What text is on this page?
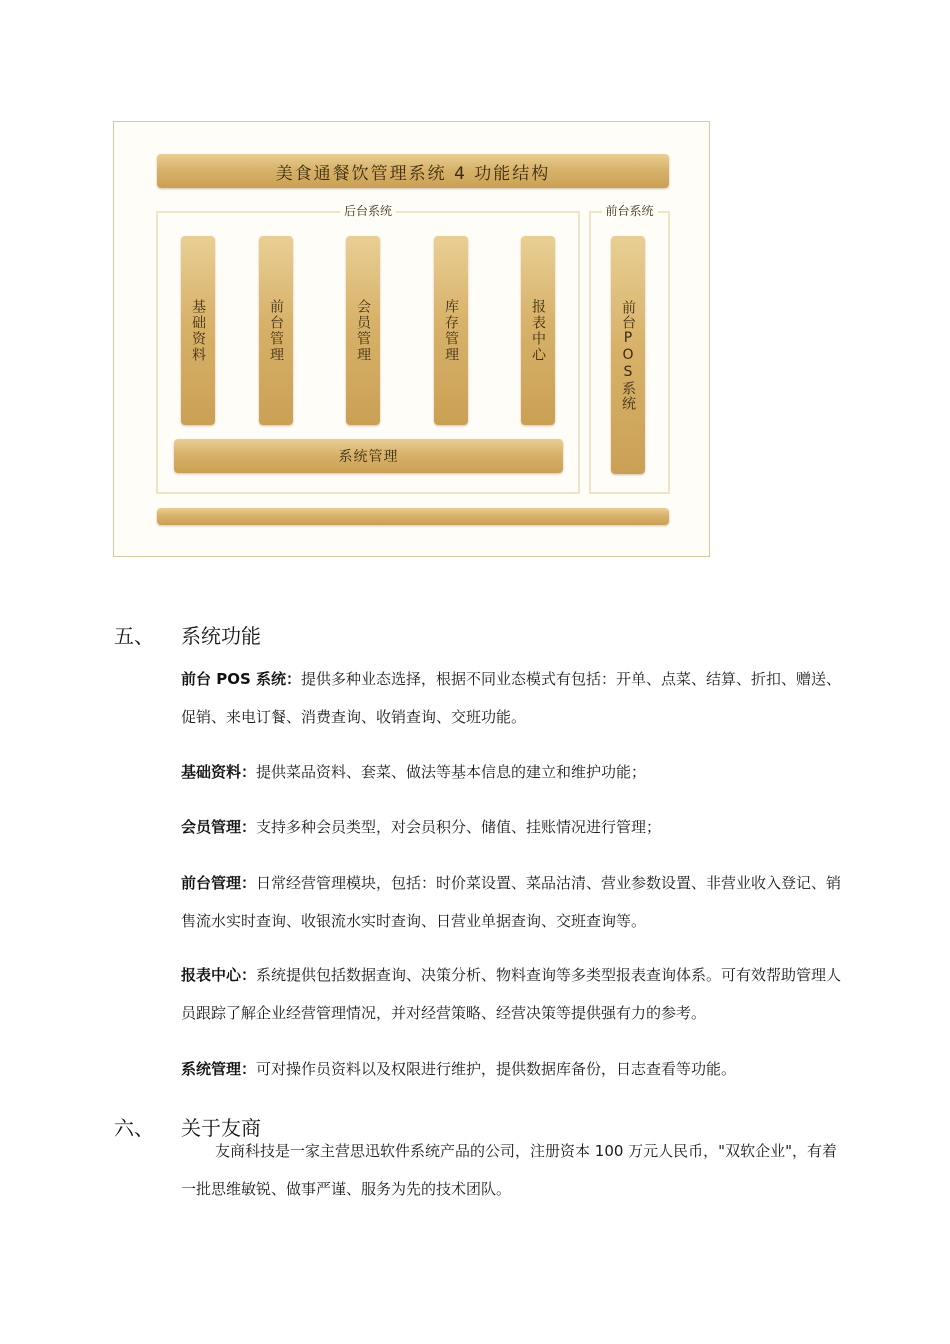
美食通餐饮管理系统 4 功能结构
后台系统	前台系统
基础资料	前台管理	会员管理	库存管理	报表中心	前台POS系统
系统管理
五、 系统功能
前台 POS 系统：提供多种业态选择，根据不同业态模式有包括：开单、点菜、结算、折扣、赠送、促销、来电订餐、消费查询、收销查询、交班功能。
基础资料：提供菜品资料、套菜、做法等基本信息的建立和维护功能；
会员管理：支持多种会员类型，对会员积分、储值、挂账情况进行管理；
前台管理：日常经营管理模块，包括：时价菜设置、菜品沽清、营业参数设置、非营业收入登记、销售流水实时查询、收银流水实时查询、日营业单据查询、交班查询等。
报表中心：系统提供包括数据查询、决策分析、物料查询等多类型报表查询体系。可有效帮助管理人员跟踪了解企业经营管理情况，并对经营策略、经营决策等提供强有力的参考。
系统管理：可对操作员资料以及权限进行维护，提供数据库备份，日志查看等功能。
六、 关于友商
友商科技是一家主营思迅软件系统产品的公司，注册资本 100 万元人民币，"双软企业"，有着一批思维敏锐、做事严谨、服务为先的技术团队。
